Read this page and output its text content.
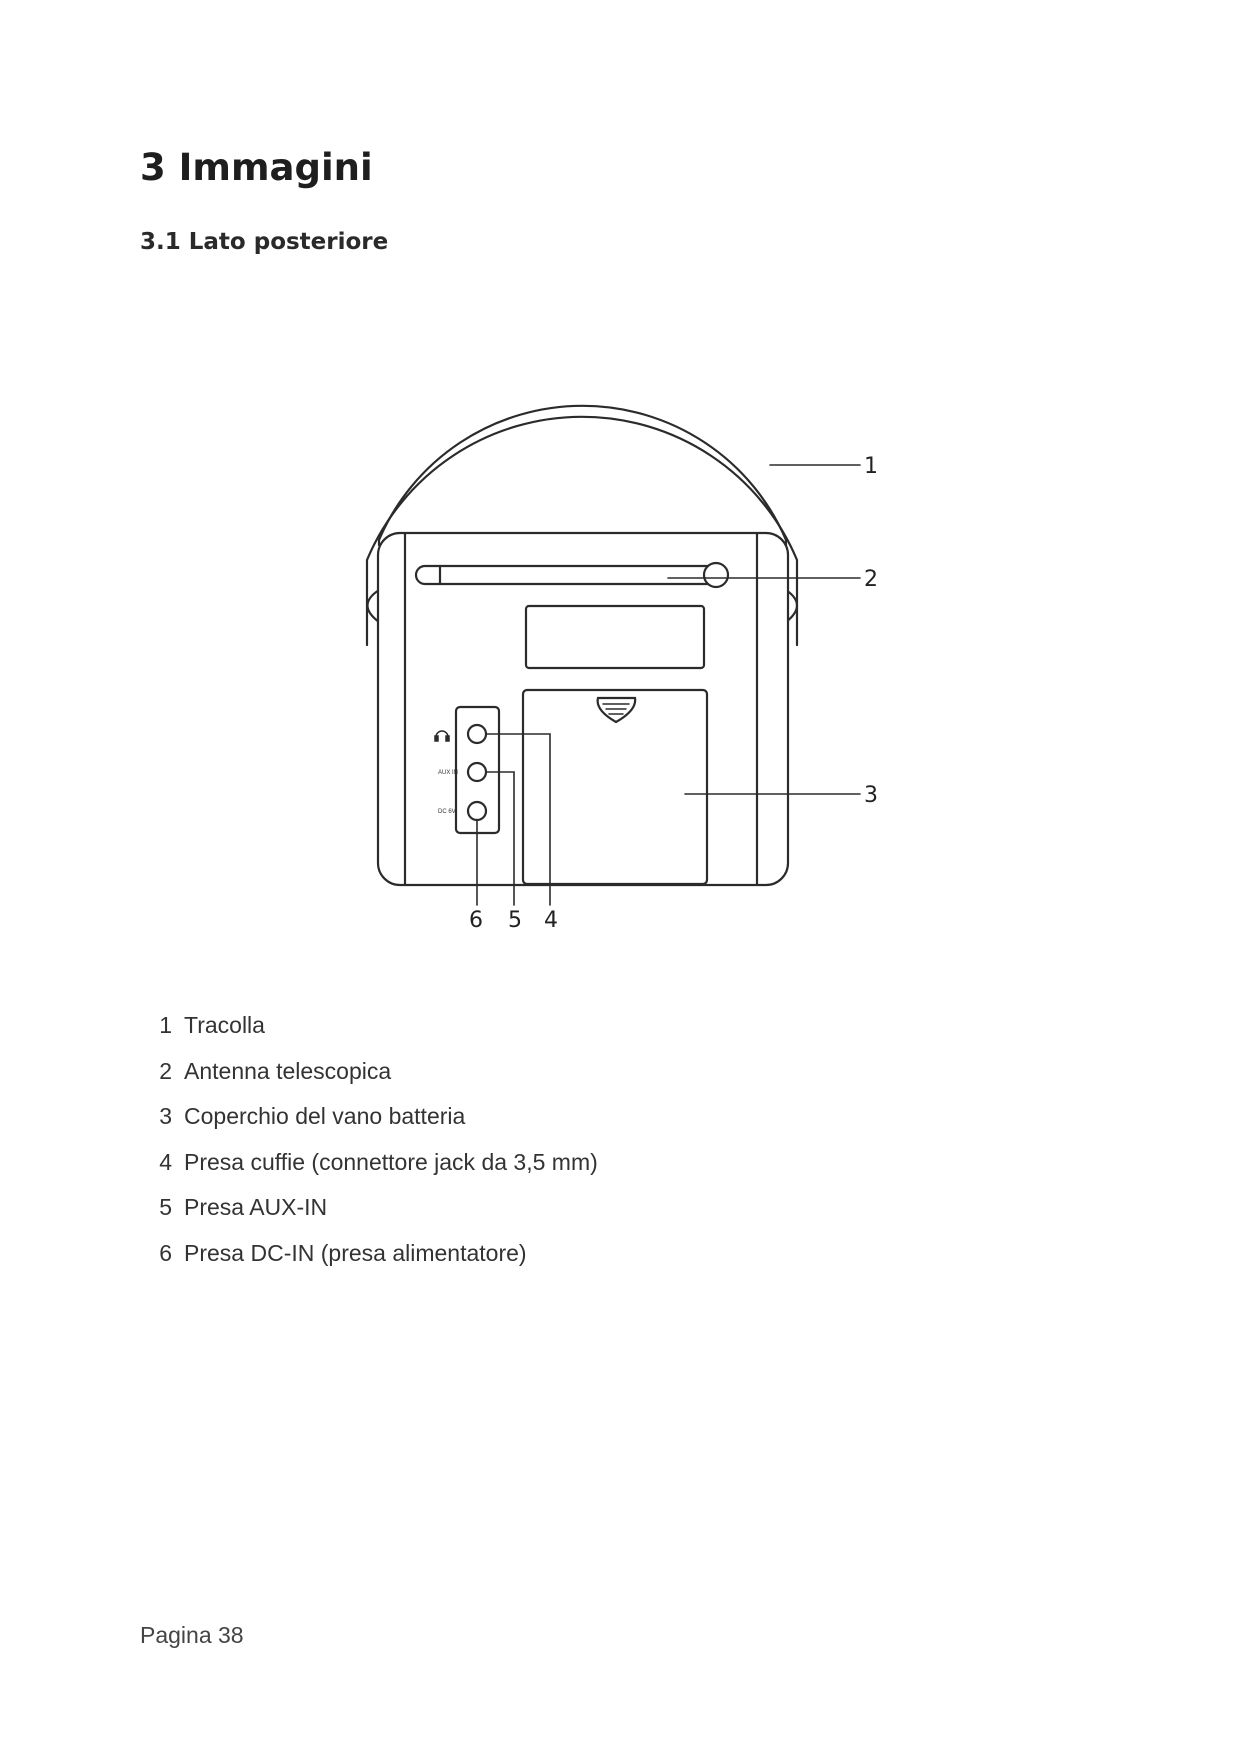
3 Immagini
3.1 Lato posteriore
AUX IN
DC 6V
1
2
3
4
5
6
1 Tracolla
2 Antenna telescopica
3 Coperchio del vano batteria
4 Presa cuffie (connettore jack da 3,5 mm)
5 Presa AUX-IN
6 Presa DC-IN (presa alimentatore)
Pagina 38
